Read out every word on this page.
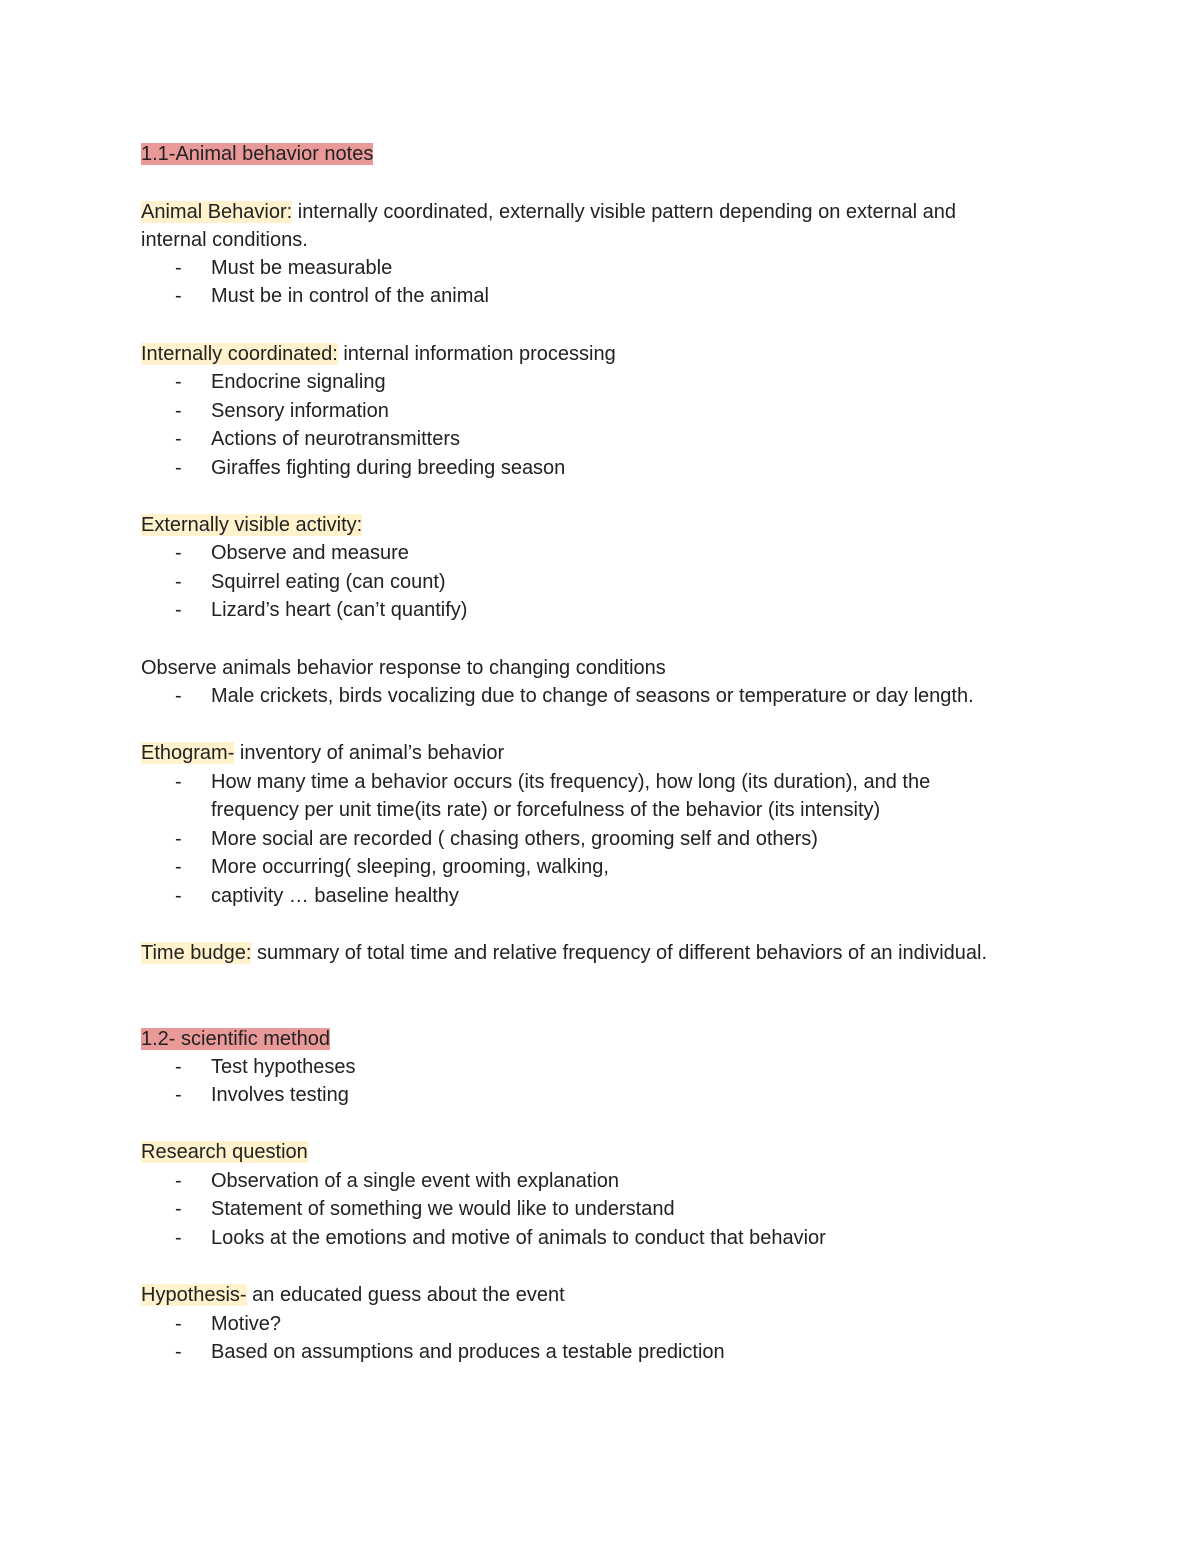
1.1-Animal behavior notes
Animal Behavior: internally coordinated, externally visible pattern depending on external and
internal conditions.
- Must be measurable
- Must be in control of the animal
Internally coordinated: internal information processing
- Endocrine signaling
- Sensory information
- Actions of neurotransmitters
- Giraffes fighting during breeding season
Externally visible activity:
- Observe and measure
- Squirrel eating (can count)
- Lizard’s heart (can’t quantify)
Observe animals behavior response to changing conditions
- Male crickets, birds vocalizing due to change of seasons or temperature or day length.
Ethogram- inventory of animal’s behavior
- How many time a behavior occurs (its frequency), how long (its duration), and the
frequency per unit time(its rate) or forcefulness of the behavior (its intensity)
- More social are recorded ( chasing others, grooming self and others)
- More occurring( sleeping, grooming, walking,
- captivity … baseline healthy
Time budge: summary of total time and relative frequency of different behaviors of an individual.
1.2- scientific method
- Test hypotheses
- Involves testing
Research question
- Observation of a single event with explanation
- Statement of something we would like to understand
- Looks at the emotions and motive of animals to conduct that behavior
Hypothesis- an educated guess about the event
- Motive?
- Based on assumptions and produces a testable prediction
